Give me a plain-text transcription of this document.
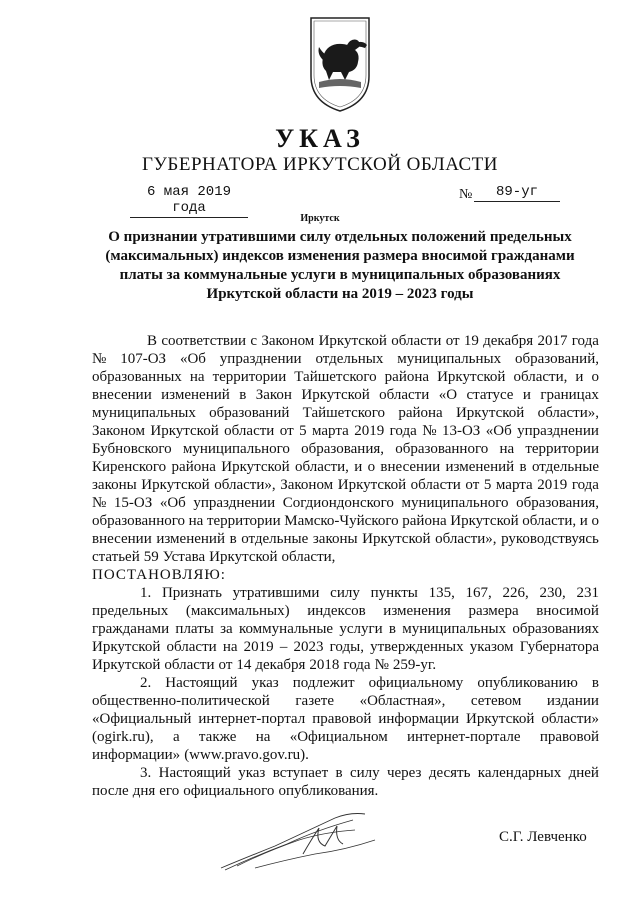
УКАЗ
ГУБЕРНАТОРА ИРКУТСКОЙ ОБЛАСТИ
6 мая 2019 года
№	89-уг
Иркутск
О признании утратившими силу отдельных положений предельных
(максимальных) индексов изменения размера вносимой гражданами
платы за коммунальные услуги в муниципальных образованиях
Иркутской области на 2019 – 2023 годы
В соответствии с Законом Иркутской области от 19 декабря 2017 года
№ 107-ОЗ «Об упразднении отдельных муниципальных образований,
образованных на территории Тайшетского района Иркутской области, и о
внесении изменений в Закон Иркутской области «О статусе и границах
муниципальных образований Тайшетского района Иркутской области»,
Законом Иркутской области от 5 марта 2019 года № 13-ОЗ «Об упразднении
Бубновского муниципального образования, образованного на территории
Киренского района Иркутской области, и о внесении изменений в отдельные
законы Иркутской области», Законом Иркутской области от 5 марта 2019 года
№ 15-ОЗ «Об упразднении Согдиондонского муниципального образования,
образованного на территории Мамско-Чуйского района Иркутской области, и о
внесении изменений в отдельные законы Иркутской области», руководствуясь
статьей 59 Устава Иркутской области,
ПОСТАНОВЛЯЮ:
1. Признать утратившими силу пункты 135, 167, 226, 230, 231
предельных (максимальных) индексов изменения размера вносимой
гражданами платы за коммунальные услуги в муниципальных образованиях
Иркутской области на 2019 – 2023 годы, утвержденных указом Губернатора
Иркутской области от 14 декабря 2018 года № 259-уг.
2. Настоящий указ подлежит официальному опубликованию в
общественно-политической газете «Областная», сетевом издании
«Официальный интернет-портал правовой информации Иркутской области»
(ogirk.ru), а также на «Официальном интернет-портале правовой
информации» (www.pravo.gov.ru).
3. Настоящий указ вступает в силу через десять календарных дней
после дня его официального опубликования.
С.Г. Левченко
